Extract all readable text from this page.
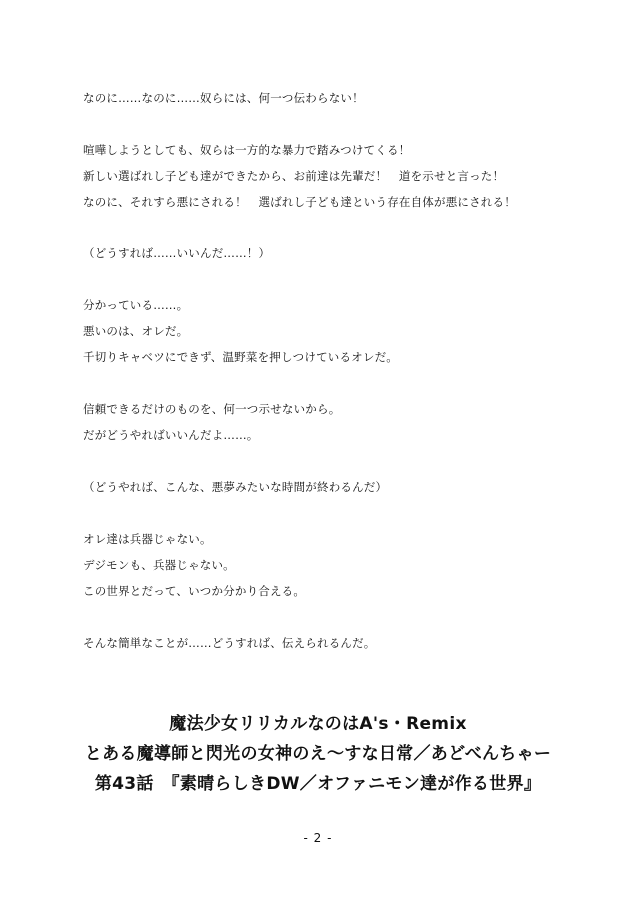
なのに……なのに……奴らには、何一つ伝わらない！
喧嘩しようとしても、奴らは一方的な暴力で踏みつけてくる！
新しい選ばれし子ども達ができたから、お前達は先輩だ！　道を示せと言った！
なのに、それすら悪にされる！　選ばれし子ども達という存在自体が悪にされる！
（どうすれば……いいんだ……！）
分かっている……。
悪いのは、オレだ。
千切りキャベツにできず、温野菜を押しつけているオレだ。
信頼できるだけのものを、何一つ示せないから。
だがどうやればいいんだよ……。
（どうやれば、こんな、悪夢みたいな時間が終わるんだ）
オレ達は兵器じゃない。
デジモンも、兵器じゃない。
この世界とだって、いつか分かり合える。
そんな簡単なことが……どうすれば、伝えられるんだ。
魔法少女リリカルなのはA's・Remix
とある魔導師と閃光の女神のえ～すな日常／あどべんちゃー
第43話　『素晴らしきDW／オファニモン達が作る世界』
- 2 -
